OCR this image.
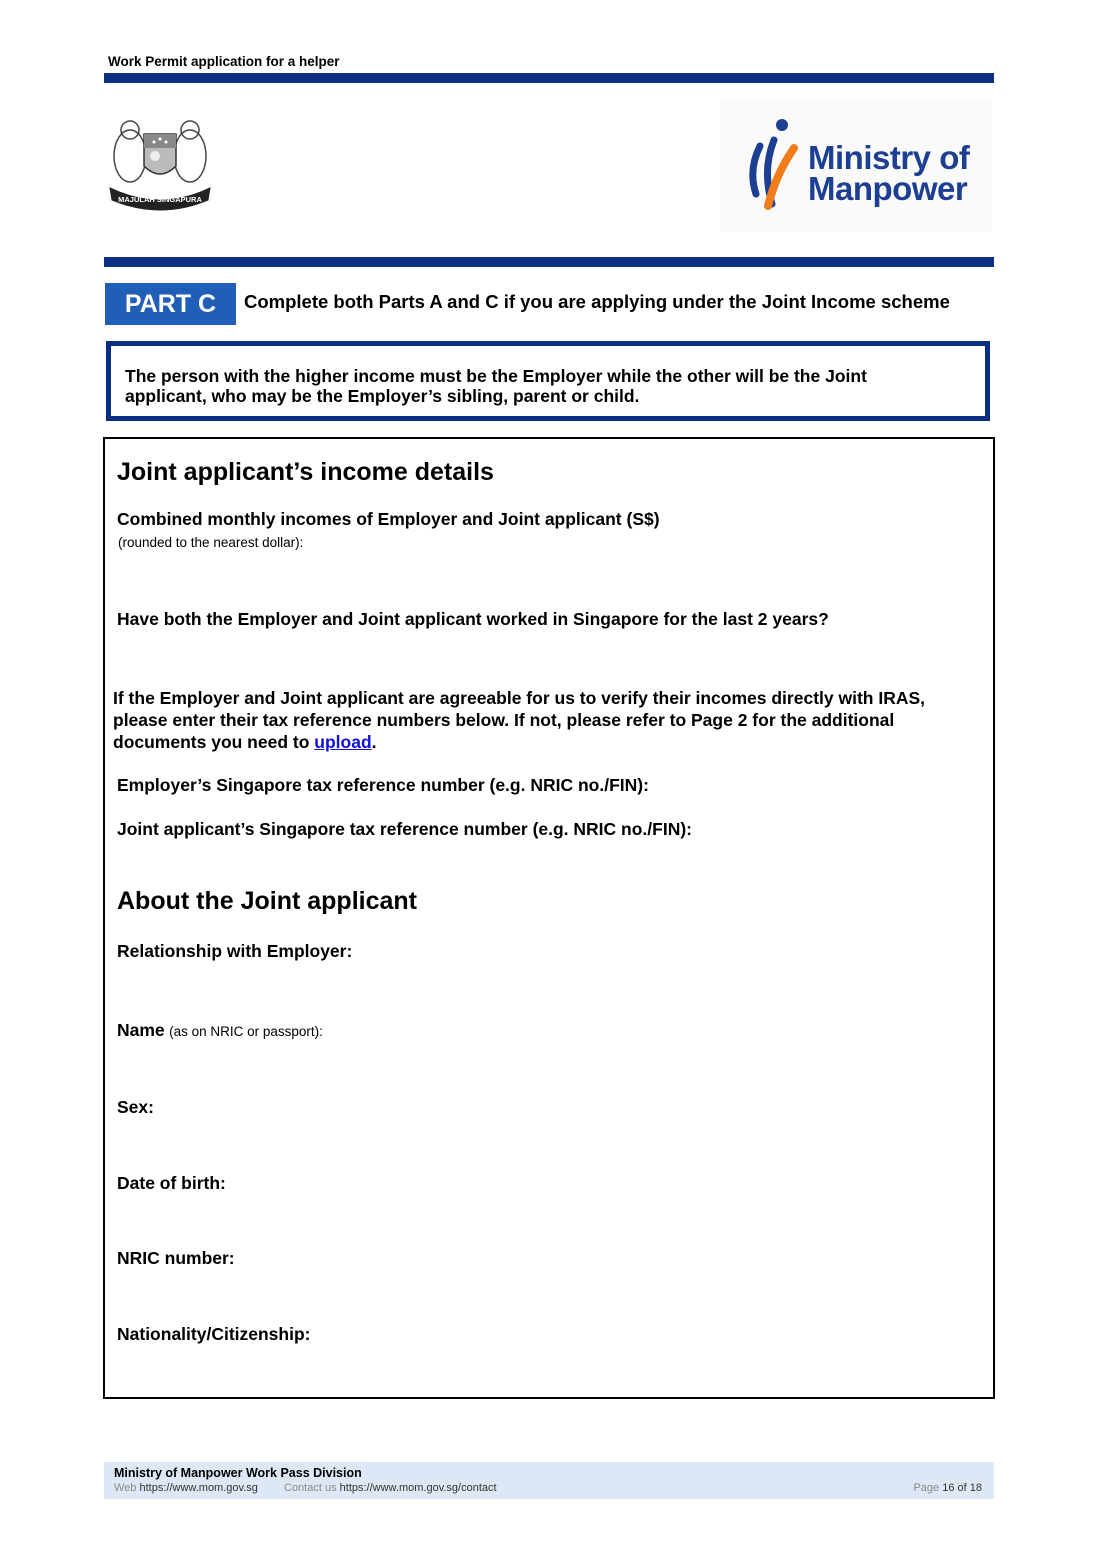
Work Permit application for a helper
MAJULAH SINGAPURA
Ministry of
Manpower
PART C	Complete both Parts A and C if you are applying under the Joint Income scheme
The person with the higher income must be the Employer while the other will be the Joint applicant, who may be the Employer’s sibling, parent or child.
Joint applicant’s income details
Combined monthly incomes of Employer and Joint applicant (S$)
(rounded to the nearest dollar):
Have both the Employer and Joint applicant worked in Singapore for the last 2 years?
If the Employer and Joint applicant are agreeable for us to verify their incomes directly with IRAS, please enter their tax reference numbers below. If not, please refer to Page 2 for the additional documents you need to upload.
Employer’s Singapore tax reference number (e.g. NRIC no./FIN):
Joint applicant’s Singapore tax reference number (e.g. NRIC no./FIN):
About the Joint applicant
Relationship with Employer:
Name (as on NRIC or passport):
Sex:
Date of birth:
NRIC number:
Nationality/Citizenship:
Ministry of Manpower Work Pass Division
Web https://www.mom.gov.sg Contact us https://www.mom.gov.sg/contact	Page 16 of 18
